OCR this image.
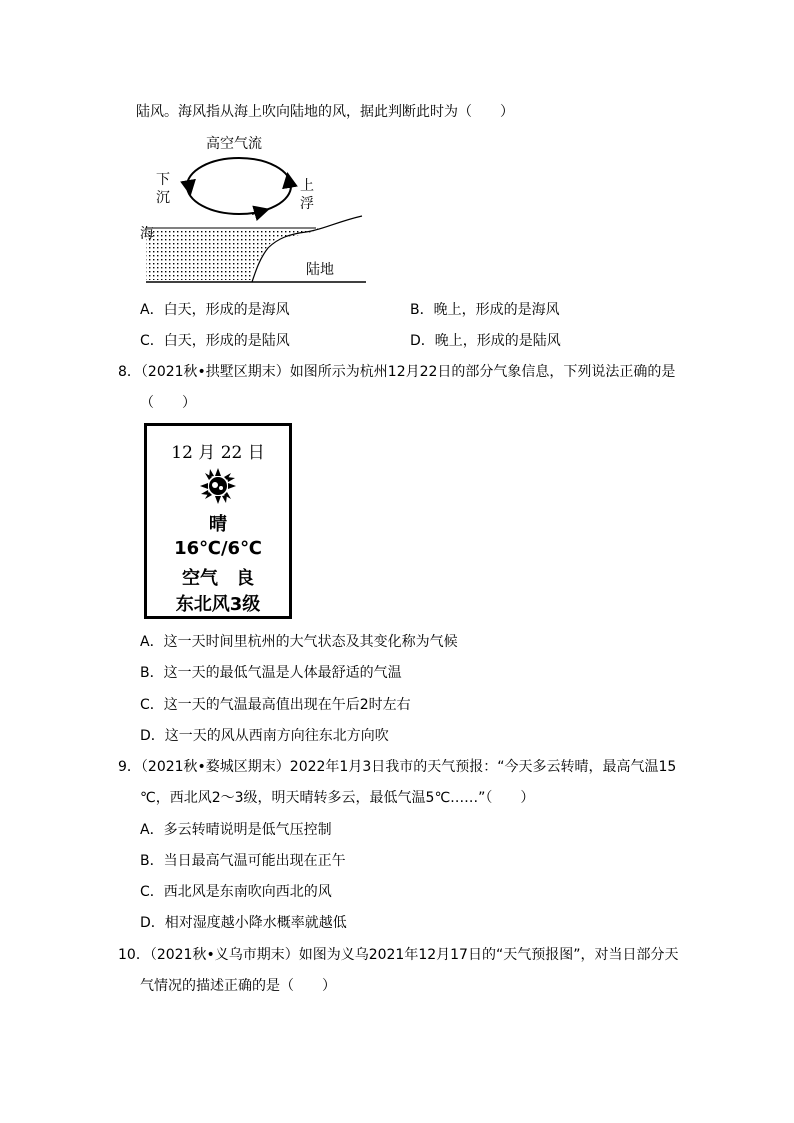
陆风。海风指从海上吹向陆地的风，据此判断此时为（　　）
高空气流
下
沉
上
浮
海
陆地
A．白天，形成的是海风	B．晚上，形成的是海风
C．白天，形成的是陆风	D．晚上，形成的是陆风
8．（2021秋•拱墅区期末）如图所示为杭州12月22日的部分气象信息，下列说法正确的是
（　　）
12 月 22 日
晴
16℃/6℃
空气　良
东北风3级
A．这一天时间里杭州的大气状态及其变化称为气候
B．这一天的最低气温是人体最舒适的气温
C．这一天的气温最高值出现在午后2时左右
D．这一天的风从西南方向往东北方向吹
9．（2021秋•婺城区期末）2022年1月3日我市的天气预报：“今天多云转晴，最高气温15
℃，西北风2～3级，明天晴转多云，最低气温5℃……”（　　）
A．多云转晴说明是低气压控制
B．当日最高气温可能出现在正午
C．西北风是东南吹向西北的风
D．相对湿度越小降水概率就越低
10．（2021秋•义乌市期末）如图为义乌2021年12月17日的“天气预报图”，对当日部分天
气情况的描述正确的是（　　）
